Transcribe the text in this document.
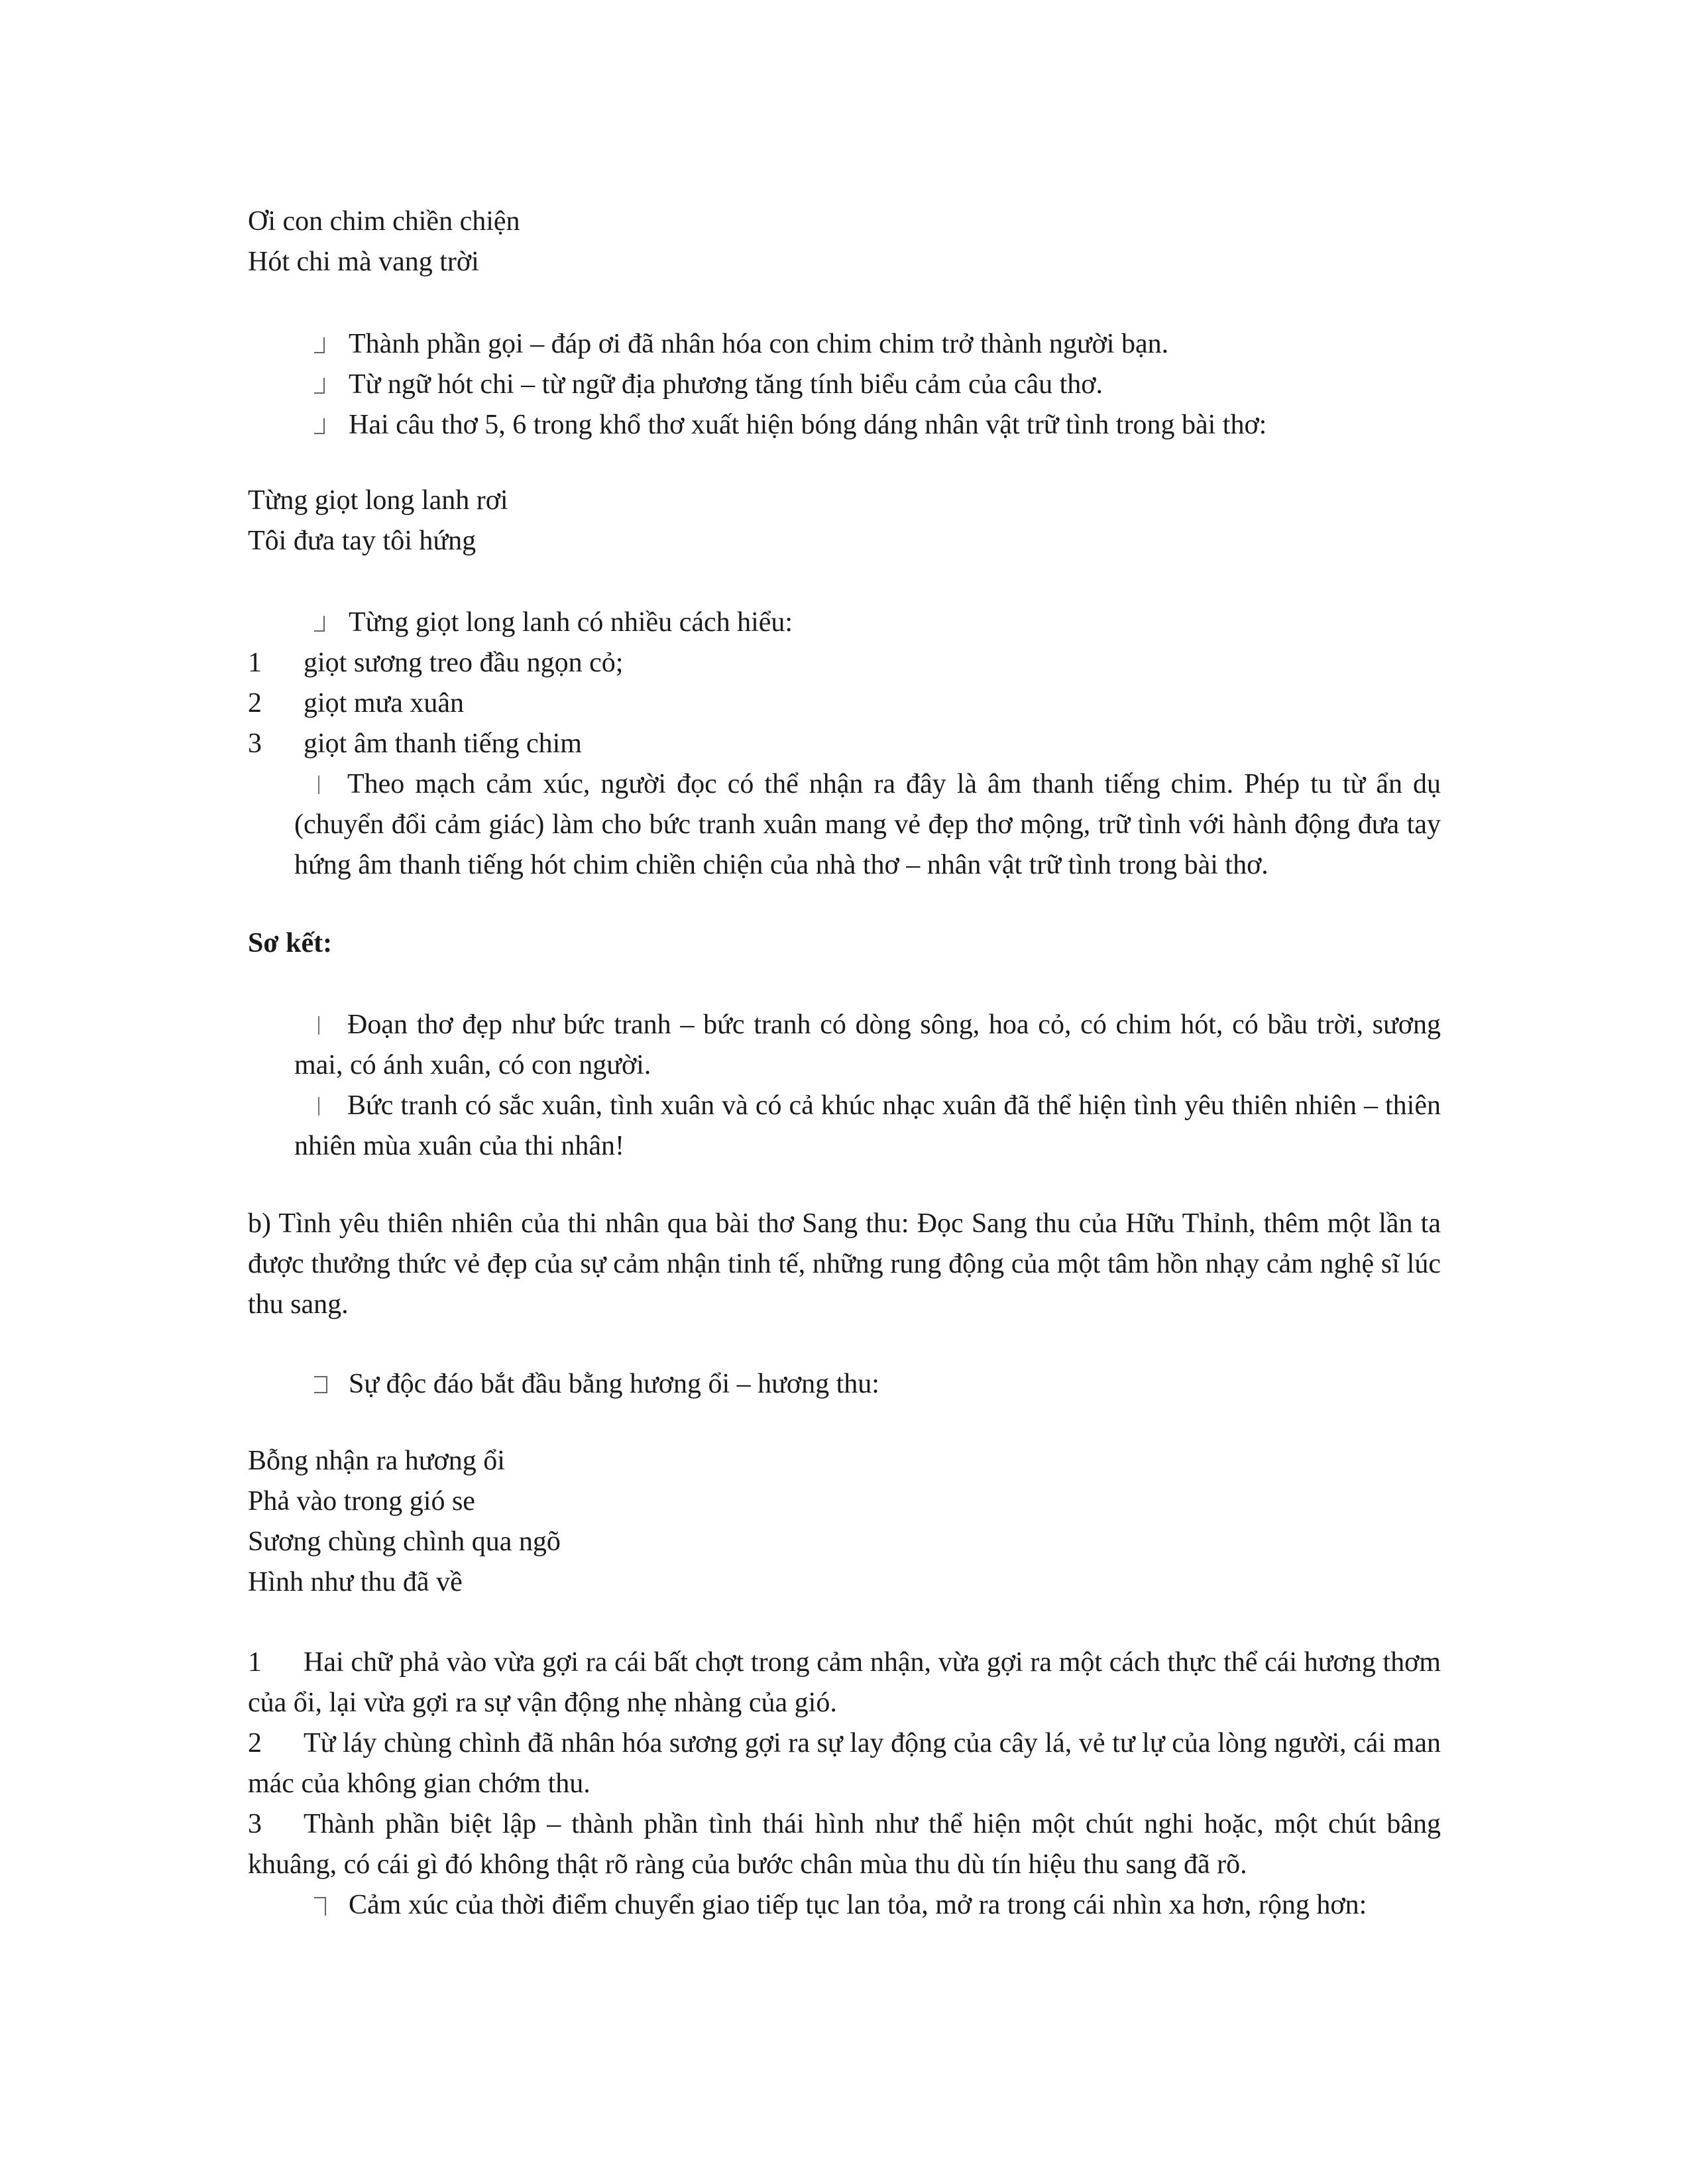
Ơi con chim chiền chiện
Hót chi mà vang trời
Thành phần gọi – đáp ơi đã nhân hóa con chim chim trở thành người bạn.
Từ ngữ hót chi – từ ngữ địa phương tăng tính biểu cảm của câu thơ.
Hai câu thơ 5, 6 trong khổ thơ xuất hiện bóng dáng nhân vật trữ tình trong bài thơ:
Từng giọt long lanh rơi
Tôi đưa tay tôi hứng
Từng giọt long lanh có nhiều cách hiểu:
1	giọt sương treo đầu ngọn cỏ;
2	giọt mưa xuân
3	giọt âm thanh tiếng chim
Theo mạch cảm xúc, người đọc có thể nhận ra đây là âm thanh tiếng chim. Phép tu từ ẩn dụ (chuyển đổi cảm giác) làm cho bức tranh xuân mang vẻ đẹp thơ mộng, trữ tình với hành động đưa tay hứng âm thanh tiếng hót chim chiền chiện của nhà thơ – nhân vật trữ tình trong bài thơ.
Sơ kết:
Đoạn thơ đẹp như bức tranh – bức tranh có dòng sông, hoa cỏ, có chim hót, có bầu trời, sương mai, có ánh xuân, có con người.
Bức tranh có sắc xuân, tình xuân và có cả khúc nhạc xuân đã thể hiện tình yêu thiên nhiên – thiên nhiên mùa xuân của thi nhân!
b) Tình yêu thiên nhiên của thi nhân qua bài thơ Sang thu: Đọc Sang thu của Hữu Thỉnh, thêm một lần ta được thưởng thức vẻ đẹp của sự cảm nhận tinh tế, những rung động của một tâm hồn nhạy cảm nghệ sĩ lúc thu sang.
Sự độc đáo bắt đầu bằng hương ổi – hương thu:
Bỗng nhận ra hương ổi
Phả vào trong gió se
Sương chùng chình qua ngõ
Hình như thu đã về
1 Hai chữ phả vào vừa gợi ra cái bất chợt trong cảm nhận, vừa gợi ra một cách thực thể cái hương thơm của ổi, lại vừa gợi ra sự vận động nhẹ nhàng của gió.
2 Từ láy chùng chình đã nhân hóa sương gợi ra sự lay động của cây lá, vẻ tư lự của lòng người, cái man mác của không gian chớm thu.
3 Thành phần biệt lập – thành phần tình thái hình như thể hiện một chút nghi hoặc, một chút bâng khuâng, có cái gì đó không thật rõ ràng của bước chân mùa thu dù tín hiệu thu sang đã rõ.
Cảm xúc của thời điểm chuyển giao tiếp tục lan tỏa, mở ra trong cái nhìn xa hơn, rộng hơn:
